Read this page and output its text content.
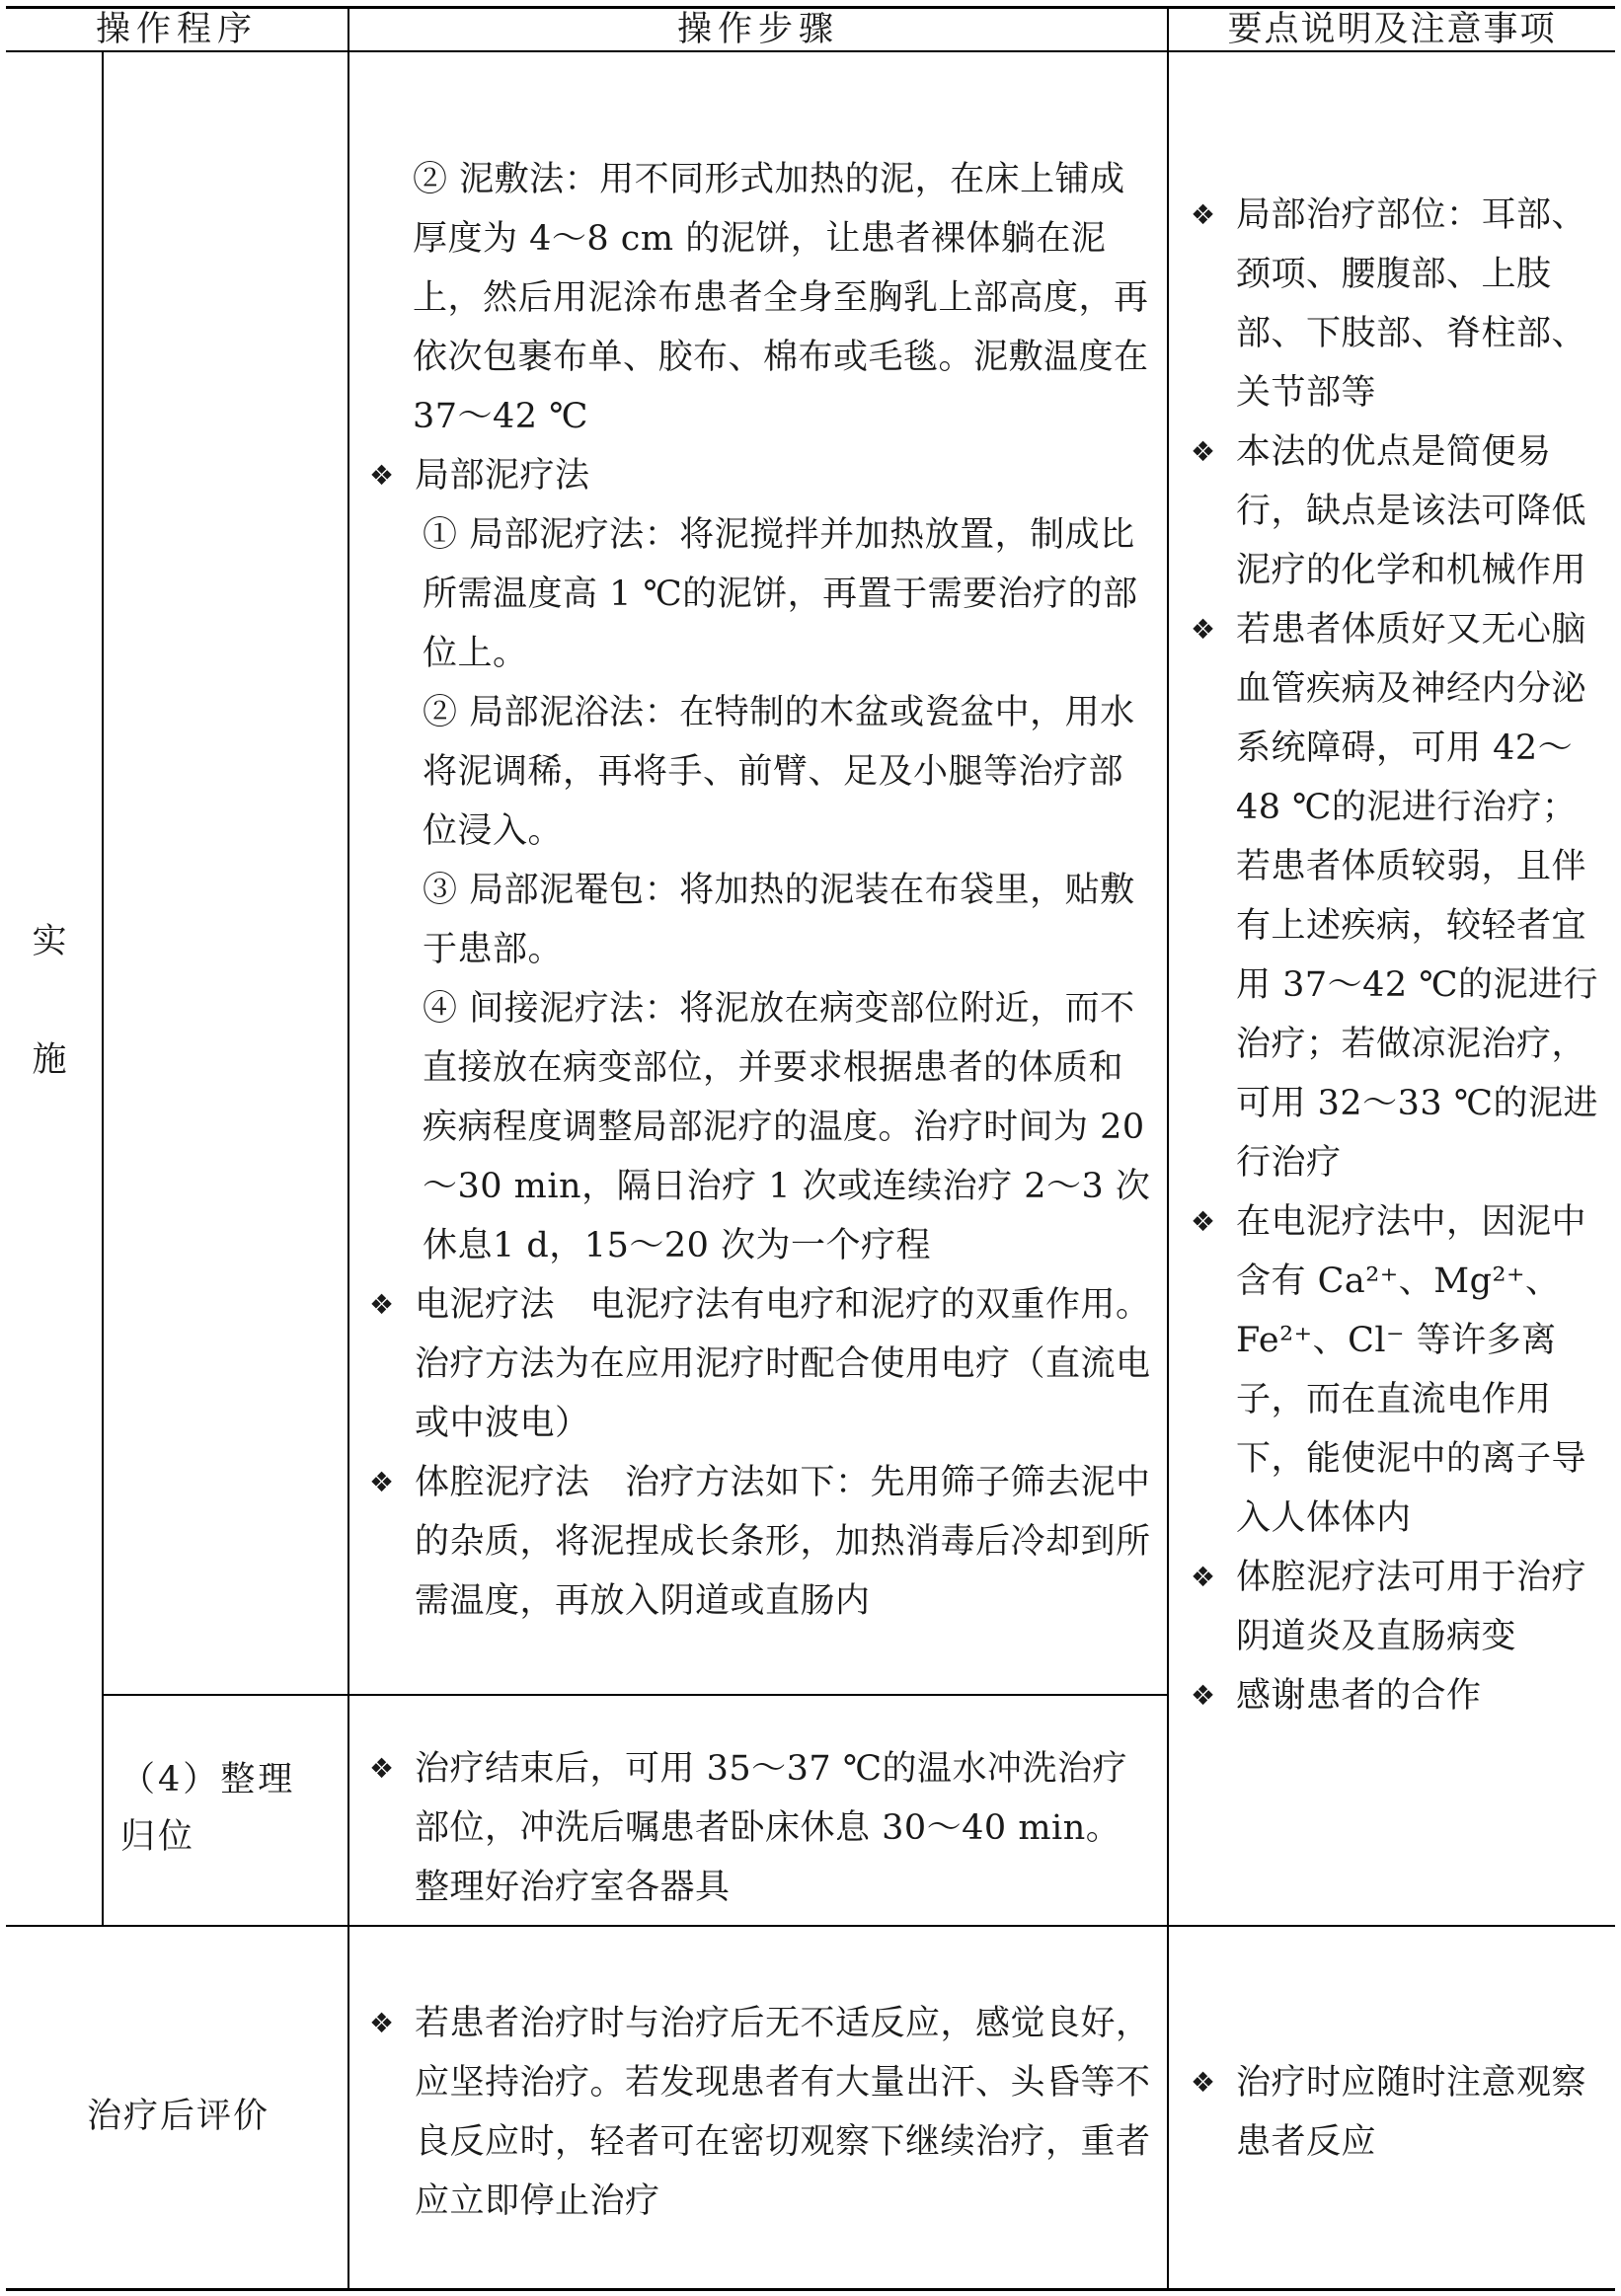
操作程序	操作步骤	要点说明及注意事项
实
施

② 泥敷法：用不同形式加热的泥，在床上铺成厚度为 4～8 cm 的泥饼，让患者裸体躺在泥上，然后用泥涂布患者全身至胸乳上部高度，再依次包裹布单、胶布、棉布或毛毯。泥敷温度在 37～42 ℃

❖ 局部泥疗法

① 局部泥疗法：将泥搅拌并加热放置，制成比所需温度高 1 ℃的泥饼，再置于需要治疗的部位上。

② 局部泥浴法：在特制的木盆或瓷盆中，用水将泥调稀，再将手、前臂、足及小腿等治疗部位浸入。

③ 局部泥罨包：将加热的泥装在布袋里，贴敷于患部。

④ 间接泥疗法：将泥放在病变部位附近，而不直接放在病变部位，并要求根据患者的体质和疾病程度调整局部泥疗的温度。治疗时间为 20～30 min，隔日治疗 1 次或连续治疗 2～3 次休息1 d，15～20 次为一个疗程

❖ 电泥疗法　电泥疗法有电疗和泥疗的双重作用。治疗方法为在应用泥疗时配合使用电疗（直流电或中波电）

❖ 体腔泥疗法　治疗方法如下：先用筛子筛去泥中的杂质，将泥捏成长条形，加热消毒后冷却到所需温度，再放入阴道或直肠内

❖ 局部治疗部位：耳部、颈项、腰腹部、上肢部、下肢部、脊柱部、关节部等

❖ 本法的优点是简便易行，缺点是该法可降低泥疗的化学和机械作用

❖ 若患者体质好又无心脑血管疾病及神经内分泌系统障碍，可用 42～48 ℃的泥进行治疗；若患者体质较弱，且伴有上述疾病，较轻者宜用 37～42 ℃的泥进行治疗；若做凉泥治疗，可用 32～33 ℃的泥进行治疗

❖ 在电泥疗法中，因泥中含有 Ca²⁺、Mg²⁺、Fe²⁺、Cl⁻ 等许多离子，而在直流电作用下，能使泥中的离子导入人体体内

❖ 体腔泥疗法可用于治疗阴道炎及直肠病变

❖ 感谢患者的合作

（4）整理归位

❖ 治疗结束后，可用 35～37 ℃的温水冲洗治疗部位，冲洗后嘱患者卧床休息 30～40 min。整理好治疗室各器具

治疗后评价

❖ 若患者治疗时与治疗后无不适反应，感觉良好，应坚持治疗。若发现患者有大量出汗、头昏等不良反应时，轻者可在密切观察下继续治疗，重者应立即停止治疗

❖ 治疗时应随时注意观察患者反应
